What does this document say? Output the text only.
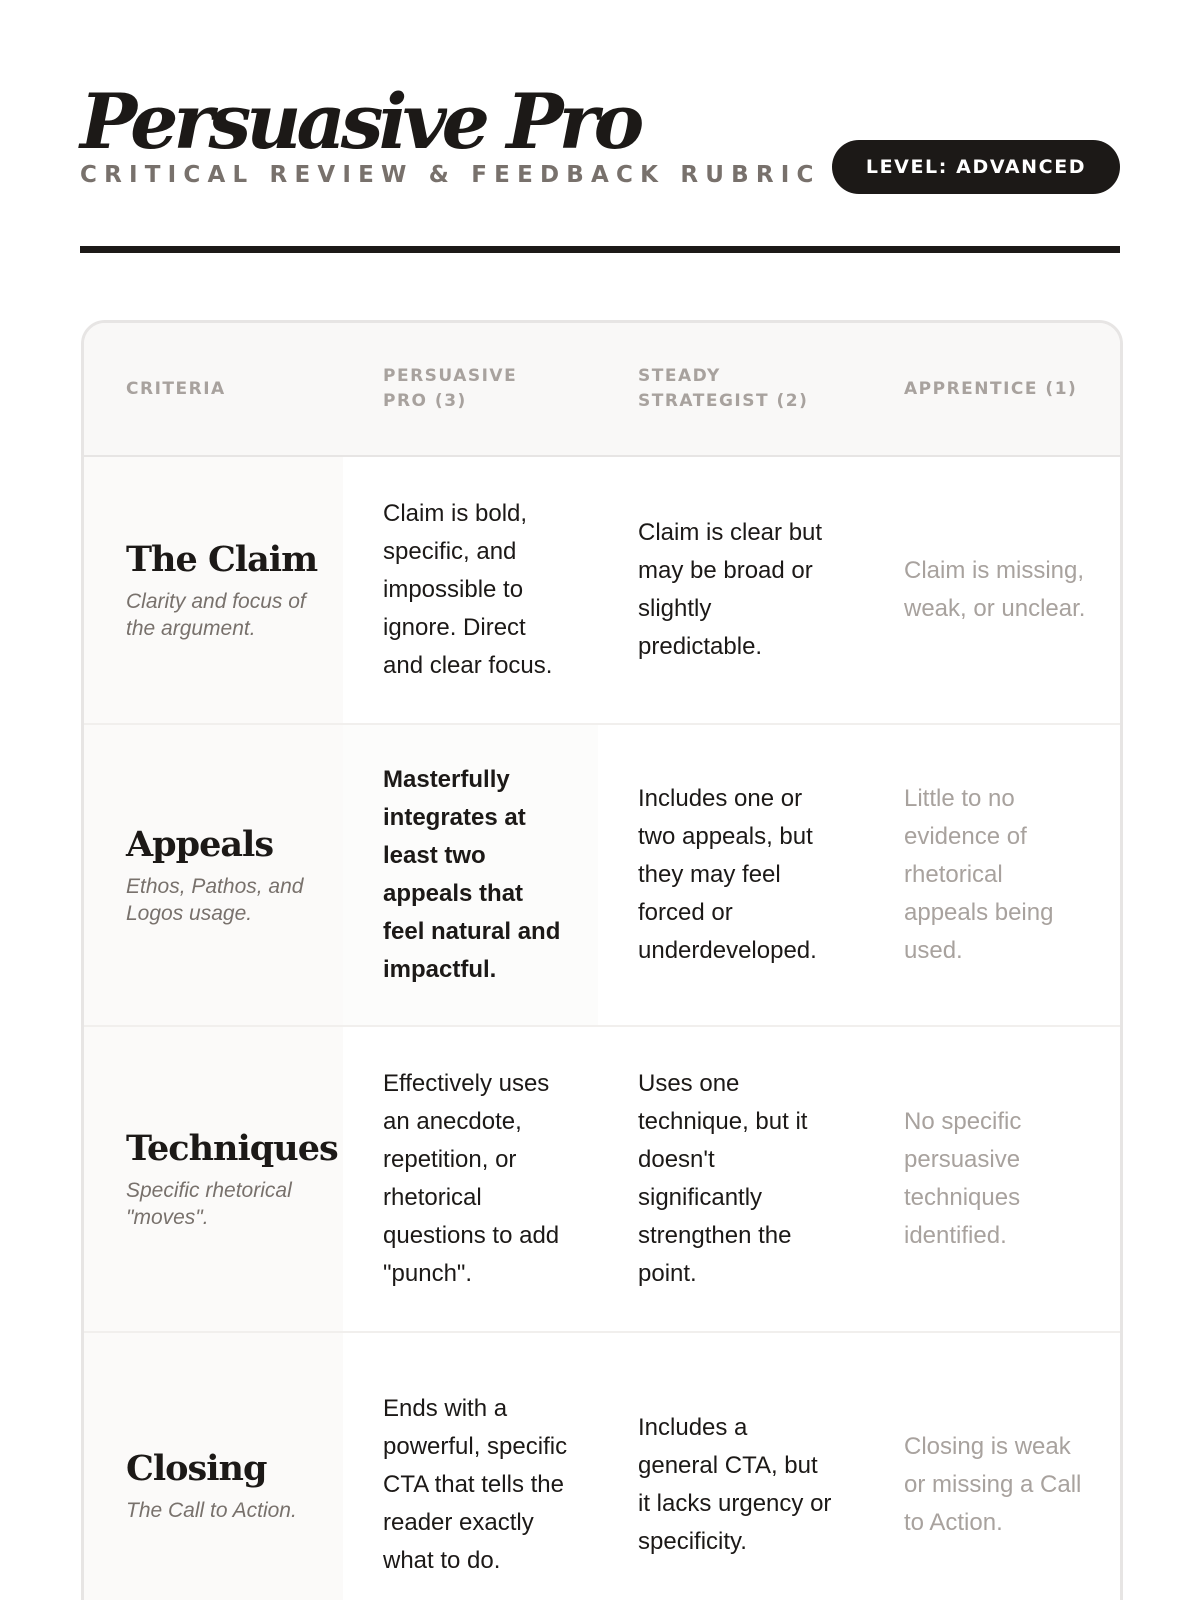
Persuasive Pro
CRITICAL REVIEW & FEEDBACK RUBRIC	LEVEL: ADVANCED
CRITERIA
PERSUASIVE PRO (3)
STEADY STRATEGIST (2)
APPRENTICE (1)
The Claim
Clarity and focus of the argument.
Claim is bold, specific, and impossible to ignore. Direct and clear focus.
Claim is clear but may be broad or slightly predictable.
Claim is missing, weak, or unclear.
Appeals
Ethos, Pathos, and Logos usage.
Masterfully integrates at least two appeals that feel natural and impactful.
Includes one or two appeals, but they may feel forced or underdeveloped.
Little to no evidence of rhetorical appeals being used.
Techniques
Specific rhetorical "moves".
Effectively uses an anecdote, repetition, or rhetorical questions to add "punch".
Uses one technique, but it doesn't significantly strengthen the point.
No specific persuasive techniques identified.
Closing
The Call to Action.
Ends with a powerful, specific CTA that tells the reader exactly what to do.
Includes a general CTA, but it lacks urgency or specificity.
Closing is weak or missing a Call to Action.
